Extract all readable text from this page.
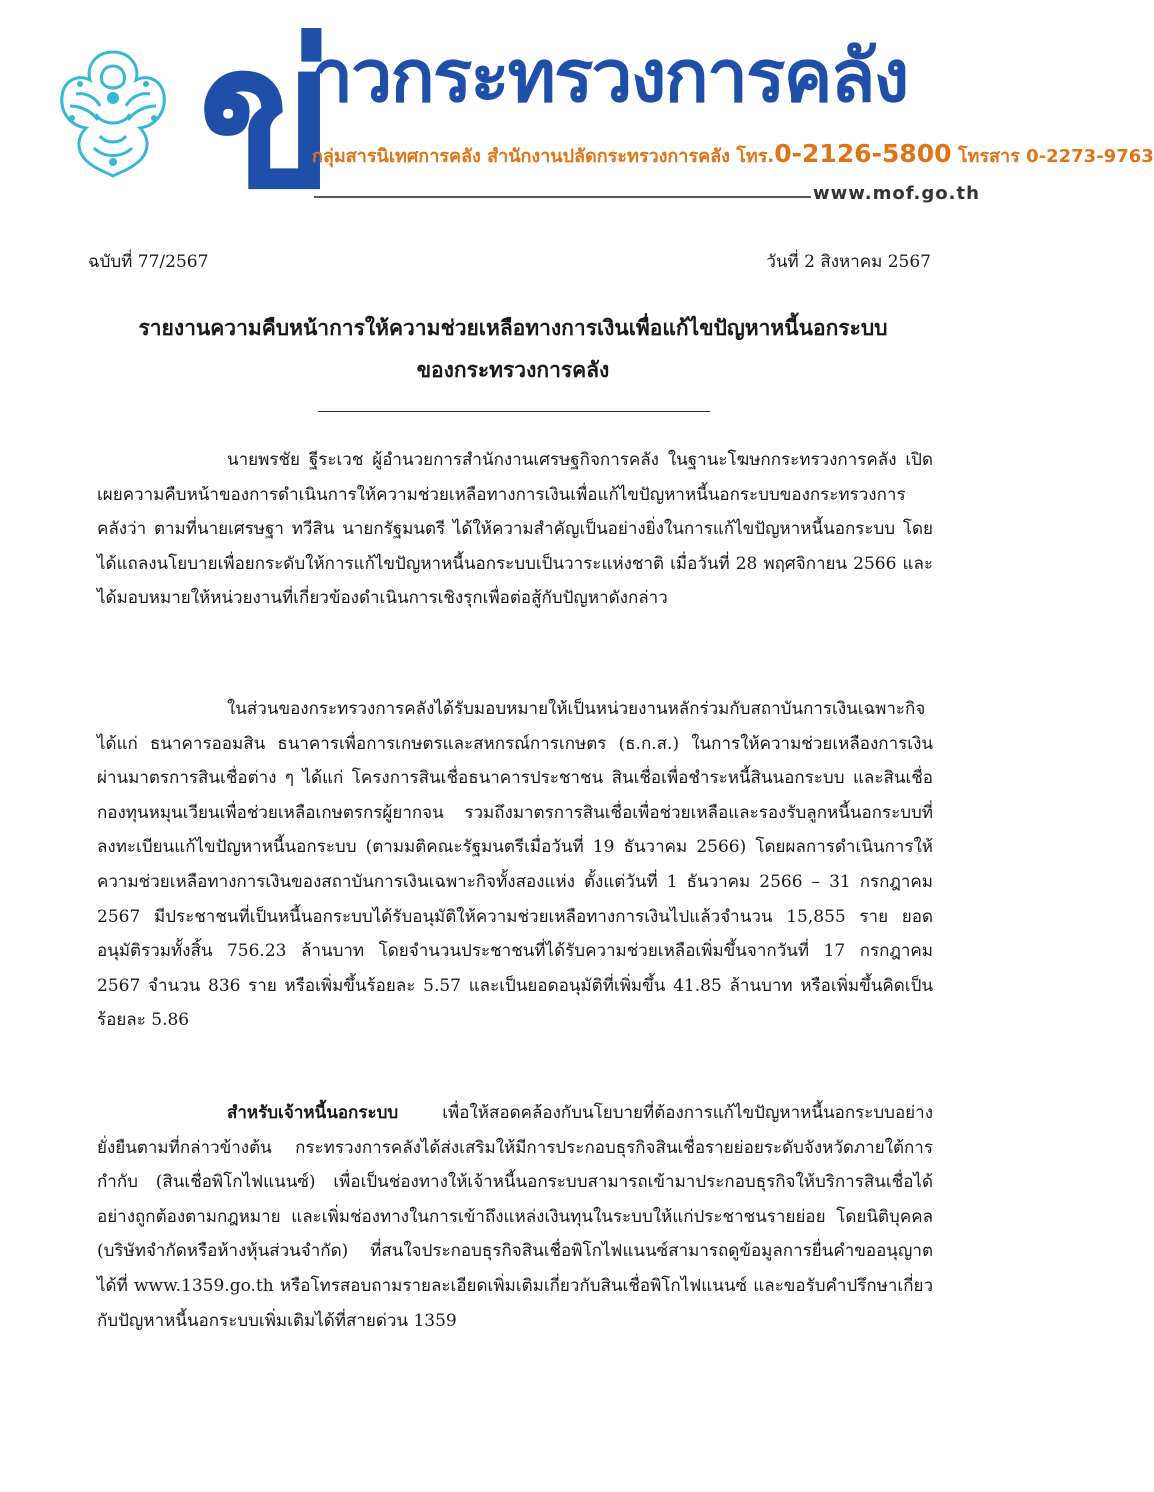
ข่
าวกระทรวงการคลัง
กลุ่มสารนิเทศการคลัง สำนักงานปลัดกระทรวงการคลัง โทร.0-2126-5800 โทรสาร 0-2273-9763
www.mof.go.th
ฉบับที่ 77/2567	วันที่ 2 สิงหาคม 2567
รายงานความคืบหน้าการให้ความช่วยเหลือทางการเงินเพื่อแก้ไขปัญหาหนี้นอกระบบ
ของกระทรวงการคลัง

นายพรชัย ฐีระเวช ผู้อำนวยการสำนักงานเศรษฐกิจการคลัง ในฐานะโฆษกกระทรวงการคลัง เปิดเผยความคืบหน้าของการดำเนินการให้ความช่วยเหลือทางการเงินเพื่อแก้ไขปัญหาหนี้นอกระบบของกระทรวงการคลังว่า ตามที่นายเศรษฐา ทวีสิน นายกรัฐมนตรี ได้ให้ความสำคัญเป็นอย่างยิ่งในการแก้ไขปัญหาหนี้นอกระบบ โดยได้แถลงนโยบายเพื่อยกระดับให้การแก้ไขปัญหาหนี้นอกระบบเป็นวาระแห่งชาติ เมื่อวันที่ 28 พฤศจิกายน 2566 และได้มอบหมายให้หน่วยงานที่เกี่ยวข้องดำเนินการเชิงรุกเพื่อต่อสู้กับปัญหาดังกล่าว

ในส่วนของกระทรวงการคลังได้รับมอบหมายให้เป็นหน่วยงานหลักร่วมกับสถาบันการเงินเฉพาะกิจ ได้แก่ ธนาคารออมสิน ธนาคารเพื่อการเกษตรและสหกรณ์การเกษตร (ธ.ก.ส.) ในการให้ความช่วยเหลืองการเงินผ่านมาตรการสินเชื่อต่าง ๆ ได้แก่ โครงการสินเชื่อธนาคารประชาชน สินเชื่อเพื่อชำระหนี้สินนอกระบบ และสินเชื่อกองทุนหมุนเวียนเพื่อช่วยเหลือเกษตรกรผู้ยากจน รวมถึงมาตรการสินเชื่อเพื่อช่วยเหลือและรองรับลูกหนี้นอกระบบที่ลงทะเบียนแก้ไขปัญหาหนี้นอกระบบ (ตามมติคณะรัฐมนตรีเมื่อวันที่ 19 ธันวาคม 2566) โดยผลการดำเนินการให้ความช่วยเหลือทางการเงินของสถาบันการเงินเฉพาะกิจทั้งสองแห่ง ตั้งแต่วันที่ 1 ธันวาคม 2566 – 31 กรกฎาคม 2567 มีประชาชนที่เป็นหนี้นอกระบบได้รับอนุมัติให้ความช่วยเหลือทางการเงินไปแล้วจำนวน 15,855 ราย ยอดอนุมัติรวมทั้งสิ้น 756.23 ล้านบาท โดยจำนวนประชาชนที่ได้รับความช่วยเหลือเพิ่มขึ้นจากวันที่ 17 กรกฎาคม 2567 จำนวน 836 ราย หรือเพิ่มขึ้นร้อยละ 5.57 และเป็นยอดอนุมัติที่เพิ่มขึ้น 41.85 ล้านบาท หรือเพิ่มขึ้นคิดเป็นร้อยละ 5.86

สำหรับเจ้าหนี้นอกระบบ เพื่อให้สอดคล้องกับนโยบายที่ต้องการแก้ไขปัญหาหนี้นอกระบบอย่างยั่งยืนตามที่กล่าวข้างต้น กระทรวงการคลังได้ส่งเสริมให้มีการประกอบธุรกิจสินเชื่อรายย่อยระดับจังหวัดภายใต้การกำกับ (สินเชื่อพิโกไฟแนนซ์) เพื่อเป็นช่องทางให้เจ้าหนี้นอกระบบสามารถเข้ามาประกอบธุรกิจให้บริการสินเชื่อได้อย่างถูกต้องตามกฎหมาย และเพิ่มช่องทางในการเข้าถึงแหล่งเงินทุนในระบบให้แก่ประชาชนรายย่อย โดยนิติบุคคล (บริษัทจำกัดหรือห้างหุ้นส่วนจำกัด) ที่สนใจประกอบธุรกิจสินเชื่อพิโกไฟแนนซ์สามารถดูข้อมูลการยื่นคำขออนุญาตได้ที่ www.1359.go.th หรือโทรสอบถามรายละเอียดเพิ่มเติมเกี่ยวกับสินเชื่อพิโกไฟแนนซ์ และขอรับคำปรึกษาเกี่ยวกับปัญหาหนี้นอกระบบเพิ่มเติมได้ที่สายด่วน 1359
